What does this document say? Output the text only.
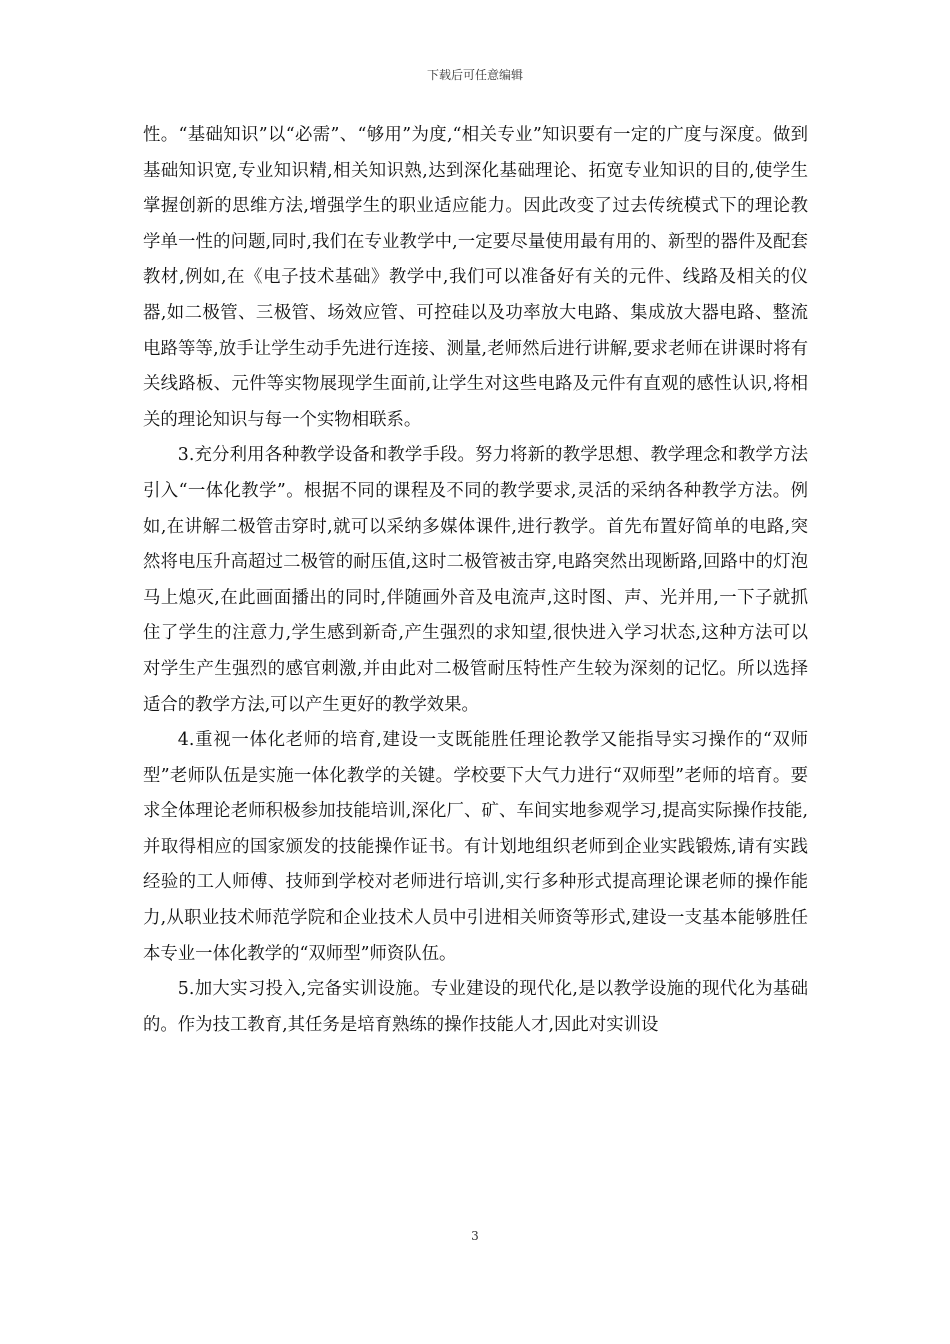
下载后可任意编辑

性。“基础知识”以“必需”、“够用”为度,“相关专业”知识要有一定的广度与深度。做到基础知识宽,专业知识精,相关知识熟,达到深化基础理论、拓宽专业知识的目的,使学生掌握创新的思维方法,增强学生的职业适应能力。因此改变了过去传统模式下的理论教学单一性的问题,同时,我们在专业教学中,一定要尽量使用最有用的、新型的器件及配套教材,例如,在《电子技术基础》教学中,我们可以准备好有关的元件、线路及相关的仪器,如二极管、三极管、场效应管、可控硅以及功率放大电路、集成放大器电路、整流电路等等,放手让学生动手先进行连接、测量,老师然后进行讲解,要求老师在讲课时将有关线路板、元件等实物展现学生面前,让学生对这些电路及元件有直观的感性认识,将相关的理论知识与每一个实物相联系。

3.充分利用各种教学设备和教学手段。努力将新的教学思想、教学理念和教学方法引入“一体化教学”。根据不同的课程及不同的教学要求,灵活的采纳各种教学方法。例如,在讲解二极管击穿时,就可以采纳多媒体课件,进行教学。首先布置好简单的电路,突然将电压升高超过二极管的耐压值,这时二极管被击穿,电路突然出现断路,回路中的灯泡马上熄灭,在此画面播出的同时,伴随画外音及电流声,这时图、声、光并用,一下子就抓住了学生的注意力,学生感到新奇,产生强烈的求知望,很快进入学习状态,这种方法可以对学生产生强烈的感官刺激,并由此对二极管耐压特性产生较为深刻的记忆。所以选择适合的教学方法,可以产生更好的教学效果。

4.重视一体化老师的培育,建设一支既能胜任理论教学又能指导实习操作的“双师型”老师队伍是实施一体化教学的关键。学校要下大气力进行“双师型”老师的培育。要求全体理论老师积极参加技能培训,深化厂、矿、车间实地参观学习,提高实际操作技能,并取得相应的国家颁发的技能操作证书。有计划地组织老师到企业实践锻炼,请有实践经验的工人师傅、技师到学校对老师进行培训,实行多种形式提高理论课老师的操作能力,从职业技术师范学院和企业技术人员中引进相关师资等形式,建设一支基本能够胜任本专业一体化教学的“双师型”师资队伍。

5.加大实习投入,完备实训设施。专业建设的现代化,是以教学设施的现代化为基础的。作为技工教育,其任务是培育熟练的操作技能人才,因此对实训设

3
